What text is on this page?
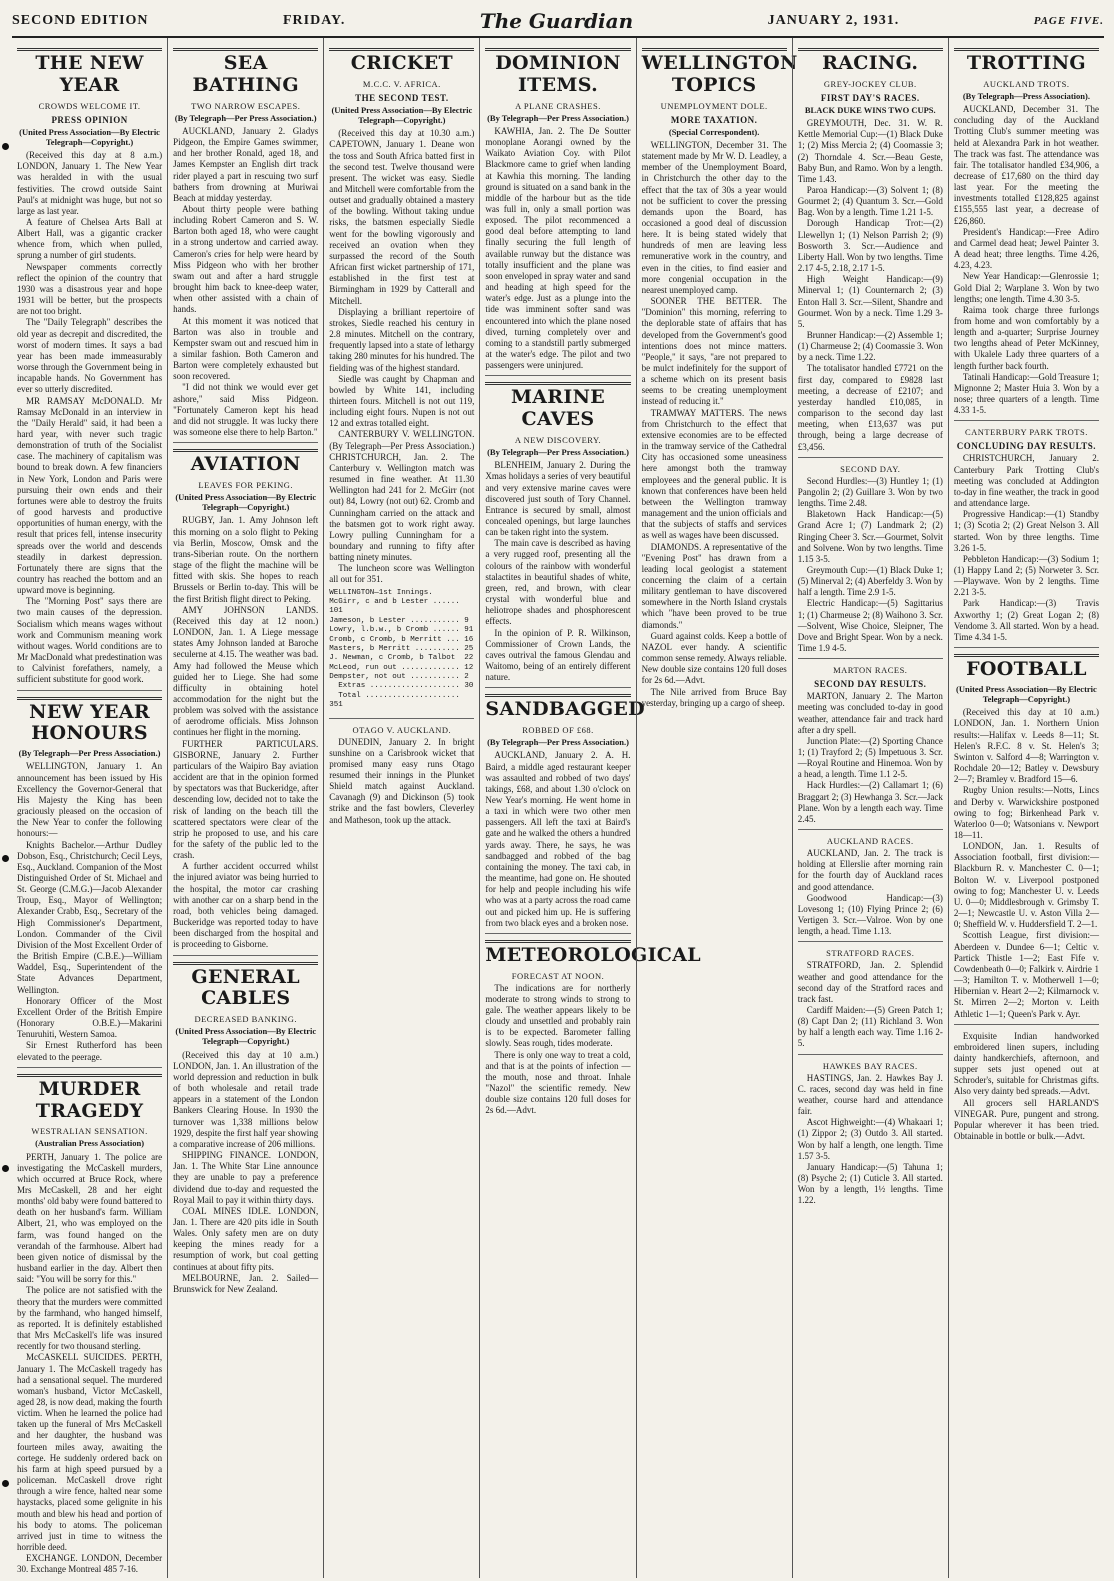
SECOND EDITION	FRIDAY.	The Guardian	JANUARY 2, 1931.	PAGE FIVE.
THE NEW YEAR
CROWDS WELCOME IT.
PRESS OPINION
(United Press Association—By Electric Telegraph—Copyright.)

(Received this day at 8 a.m.) LONDON, January 1. The New Year was heralded in with the usual festivities. The crowd outside Saint Paul's at midnight was huge, but not so large as last year.

A feature of Chelsea Arts Ball at Albert Hall, was a gigantic cracker whence from, which when pulled, sprung a number of girl students.

Newspaper comments correctly reflect the opinion of the country that 1930 was a disastrous year and hope 1931 will be better, but the prospects are not too bright.

The "Daily Telegraph" describes the old year as decrepit and discredited, the worst of modern times. It says a bad year has been made immeasurably worse through the Government being in incapable hands. No Government has ever so utterly discredited.

MR RAMSAY McDONALD. Mr Ramsay McDonald in an interview in the "Daily Herald" said, it had been a hard year, with never such tragic demonstration of truth of the Socialist case. The machinery of capitalism was bound to break down. A few financiers in New York, London and Paris were pursuing their own ends and their fortunes were able to destroy the fruits of good harvests and productive opportunities of human energy, with the result that prices fell, intense insecurity spreads over the world and descends steadily in darkest depression. Fortunately there are signs that the country has reached the bottom and an upward move is beginning.

The "Morning Post" says there are two main causes of the depression. Socialism which means wages without work and Communism meaning work without wages. World conditions are to Mr MacDonald what predestination was to Calvinist forefathers, namely, a sufficient substitute for good work.

NEW YEAR HONOURS
(By Telegraph—Per Press Association.)

WELLINGTON, January 1. An announcement has been issued by His Excellency the Governor-General that His Majesty the King has been graciously pleased on the occasion of the New Year to confer the following honours:—

Knights Bachelor.—Arthur Dudley Dobson, Esq., Christchurch; Cecil Leys, Esq., Auckland. Companion of the Most Distinguished Order of St. Michael and St. George (C.M.G.)—Jacob Alexander Troup, Esq., Mayor of Wellington; Alexander Crabb, Esq., Secretary of the High Commissioner's Department, London. Commander of the Civil Division of the Most Excellent Order of the British Empire (C.B.E.)—William Waddel, Esq., Superintendent of the State Advances Department, Wellington.

Honorary Officer of the Most Excellent Order of the British Empire (Honorary O.B.E.)—Makarini Tenuruhiti, Western Samoa.

Sir Ernest Rutherford has been elevated to the peerage.

MURDER TRAGEDY
WESTRALIAN SENSATION.
(Australian Press Association)

PERTH, January 1. The police are investigating the McCaskell murders, which occurred at Bruce Rock, where Mrs McCaskell, 28 and her eight months' old baby were found battered to death on her husband's farm. William Albert, 21, who was employed on the farm, was found hanged on the verandah of the farmhouse. Albert had been given notice of dismissal by the husband earlier in the day. Albert then said: "You will be sorry for this."

The police are not satisfied with the theory that the murders were committed by the farmhand, who hanged himself, as reported. It is definitely established that Mrs McCaskell's life was insured recently for two thousand sterling.

McCASKELL SUICIDES. PERTH, January 1. The McCaskell tragedy has had a sensational sequel. The murdered woman's husband, Victor McCaskell, aged 28, is now dead, making the fourth victim. When he learned the police had taken up the funeral of Mrs McCaskell and her daughter, the husband was fourteen miles away, awaiting the cortege. He suddenly ordered back on his farm at high speed pursued by a policeman. McCaskell drove right through a wire fence, halted near some haystacks, placed some gelignite in his mouth and blew his head and portion of his body to atoms. The policeman arrived just in time to witness the horrible deed.

EXCHANGE. LONDON, December 30. Exchange Montreal 485 7-16.

SEA BATHING
TWO NARROW ESCAPES.
(By Telegraph—Per Press Association.)

AUCKLAND, January 2. Gladys Pidgeon, the Empire Games swimmer, and her brother Ronald, aged 18, and James Kempster an English dirt track rider played a part in rescuing two surf bathers from drowning at Muriwai Beach at midday yesterday.

About thirty people were bathing including Robert Cameron and S. W. Barton both aged 18, who were caught in a strong undertow and carried away. Cameron's cries for help were heard by Miss Pidgeon who with her brother swam out and after a hard struggle brought him back to knee-deep water, when other assisted with a chain of hands.

At this moment it was noticed that Barton was also in trouble and Kempster swam out and rescued him in a similar fashion. Both Cameron and Barton were completely exhausted but soon recovered.

"I did not think we would ever get ashore," said Miss Pidgeon. "Fortunately Cameron kept his head and did not struggle. It was lucky there was someone else there to help Barton."

AVIATION
LEAVES FOR PEKING.
(United Press Association—By Electric Telegraph—Copyright.)

RUGBY, Jan. 1. Amy Johnson left this morning on a solo flight to Peking via Berlin, Moscow, Omsk and the trans-Siberian route. On the northern stage of the flight the machine will be fitted with skis. She hopes to reach Brussels or Berlin to-day. This will be the first British flight direct to Peking.

AMY JOHNSON LANDS. (Received this day at 12 noon.) LONDON, Jan. 1. A Liege message states Amy Johnson landed at Baroche seculerne at 4.15. The weather was bad. Amy had followed the Meuse which guided her to Liege. She had some difficulty in obtaining hotel accommodation for the night but the problem was solved with the assistance of aerodrome officials. Miss Johnson continues her flight in the morning.

FURTHER PARTICULARS. GISBORNE, January 2. Further particulars of the Waipiro Bay aviation accident are that in the opinion formed by spectators was that Buckeridge, after descending low, decided not to take the risk of landing on the beach till the scattered spectators were clear of the strip he proposed to use, and his care for the safety of the public led to the crash.

A further accident occurred whilst the injured aviator was being hurried to the hospital, the motor car crashing with another car on a sharp bend in the road, both vehicles being damaged. Buckeridge was reported today to have been discharged from the hospital and is proceeding to Gisborne.

GENERAL CABLES
DECREASED BANKING.
(United Press Association—By Electric Telegraph—Copyright.)

(Received this day at 10 a.m.) LONDON, Jan. 1. An illustration of the world depression and reduction in bulk of both wholesale and retail trade appears in a statement of the London Bankers Clearing House. In 1930 the turnover was 1,338 millions below 1929, despite the first half year showing a comparative increase of 206 millions.

SHIPPING FINANCE. LONDON, Jan. 1. The White Star Line announce they are unable to pay a preference dividend due to-day and requested the Royal Mail to pay it within thirty days.

COAL MINES IDLE. LONDON, Jan. 1. There are 420 pits idle in South Wales. Only safety men are on duty keeping the mines ready for a resumption of work, but coal getting continues at about fifty pits.

MELBOURNE, Jan. 2. Sailed—Brunswick for New Zealand.

CRICKET
M.C.C. V. AFRICA.
THE SECOND TEST.
(United Press Association—By Electric Telegraph—Copyright.)

(Received this day at 10.30 a.m.) CAPETOWN, January 1. Deane won the toss and South Africa batted first in the second test. Twelve thousand were present. The wicket was easy. Siedle and Mitchell were comfortable from the outset and gradually obtained a mastery of the bowling. Without taking undue risks, the batsmen especially Siedle went for the bowling vigorously and received an ovation when they surpassed the record of the South African first wicket partnership of 171, established in the first test at Birmingham in 1929 by Catterall and Mitchell.

Displaying a brilliant repertoire of strokes, Siedle reached his century in 2.8 minutes. Mitchell on the contrary, frequently lapsed into a state of lethargy taking 280 minutes for his hundred. The fielding was of the highest standard.

Siedle was caught by Chapman and bowled by White 141, including thirteen fours. Mitchell is not out 119, including eight fours. Nupen is not out 12 and extras totalled eight.

CANTERBURY V. WELLINGTON. (By Telegraph—Per Press Association.) CHRISTCHURCH, Jan. 2. The Canterbury v. Wellington match was resumed in fine weather. At 11.30 Wellington had 241 for 2. McGirr (not out) 84, Lowry (not out) 62. Cromb and Cunningham carried on the attack and the batsmen got to work right away. Lowry pulling Cunningham for a boundary and running to fifty after batting ninety minutes.

The luncheon score was Wellington all out for 351.

WELLINGTON—1st Innings.
McGirr, c and b Lester ...... 101
Jameson, b Lester ........... 9
Lowry, l.b.w., b Cromb ...... 91
Cromb, c Cromb, b Merritt ... 16
Masters, b Merritt .......... 25
J. Newman, c Cromb, b Talbot  22
McLeod, run out ............. 12
Dempster, not out ........... 2
Extras .................... 30
Total ..................... 351
OTAGO V. AUCKLAND.

DUNEDIN, January 2. In bright sunshine on a Carisbrook wicket that promised many easy runs Otago resumed their innings in the Plunket Shield match against Auckland. Cavanagh (9) and Dickinson (5) took strike and the fast bowlers, Cleverley and Matheson, took up the attack.

DOMINION ITEMS.
A PLANE CRASHES.
(By Telegraph—Per Press Association.)

KAWHIA, Jan. 2. The De Soutter monoplane Aorangi owned by the Waikato Aviation Coy. with Pilot Blackmore came to grief when landing at Kawhia this morning. The landing ground is situated on a sand bank in the middle of the harbour but as the tide was full in, only a small portion was exposed. The pilot recommenced a good deal before attempting to land finally securing the full length of available runway but the distance was totally insufficient and the plane was soon enveloped in spray water and sand and heading at high speed for the water's edge. Just as a plunge into the tide was imminent softer sand was encountered into which the plane nosed dived, turning completely over and coming to a standstill partly submerged at the water's edge. The pilot and two passengers were uninjured.

MARINE CAVES
A NEW DISCOVERY.
(By Telegraph—Per Press Association.)

BLENHEIM, January 2. During the Xmas holidays a series of very beautiful and very extensive marine caves were discovered just south of Tory Channel. Entrance is secured by small, almost concealed openings, but large launches can be taken right into the system.

The main cave is described as having a very rugged roof, presenting all the colours of the rainbow with wonderful stalactites in beautiful shades of white, green, red, and brown, with clear crystal with wonderful blue and heliotrope shades and phosphorescent effects.

In the opinion of P. R. Wilkinson, Commissioner of Crown Lands, the caves outrival the famous Glendau and Waitomo, being of an entirely different nature.

SANDBAGGED
ROBBED OF £68.
(By Telegraph—Per Press Association.)

AUCKLAND, January 2. A. H. Baird, a middle aged restaurant keeper was assaulted and robbed of two days' takings, £68, and about 1.30 o'clock on New Year's morning. He went home in a taxi in which were two other men passengers. All left the taxi at Baird's gate and he walked the others a hundred yards away. There, he says, he was sandbagged and robbed of the bag containing the money. The taxi cab, in the meantime, had gone on. He shouted for help and people including his wife who was at a party across the road came out and picked him up. He is suffering from two black eyes and a broken nose.

METEOROLOGICAL
FORECAST AT NOON.

The indications are for northerly moderate to strong winds to strong to gale. The weather appears likely to be cloudy and unsettled and probably rain is to be expected. Barometer falling slowly. Seas rough, tides moderate.

There is only one way to treat a cold, and that is at the points of infection — the mouth, nose and throat. Inhale "Nazol" the scientific remedy. New double size contains 120 full doses for 2s 6d.—Advt.

WELLINGTON TOPICS
UNEMPLOYMENT DOLE.
MORE TAXATION.
(Special Correspondent).

WELLINGTON, December 31. The statement made by Mr W. D. Leadley, a member of the Unemployment Board, in Christchurch the other day to the effect that the tax of 30s a year would not be sufficient to cover the pressing demands upon the Board, has occasioned a good deal of discussion here. It is being stated widely that hundreds of men are leaving less remunerative work in the country, and even in the cities, to find easier and more congenial occupation in the nearest unemployed camp.

SOONER THE BETTER. The "Dominion" this morning, referring to the deplorable state of affairs that has developed from the Government's good intentions does not mince matters. "People," it says, "are not prepared to be mulct indefinitely for the support of a scheme which on its present basis seems to be creating unemployment instead of reducing it."

TRAMWAY MATTERS. The news from Christchurch to the effect that extensive economies are to be effected in the tramway service of the Cathedral City has occasioned some uneasiness here amongst both the tramway employees and the general public. It is known that conferences have been held between the Wellington tramway management and the union officials and that the subjects of staffs and services as well as wages have been discussed.

DIAMONDS. A representative of the "Evening Post" has drawn from a leading local geologist a statement concerning the claim of a certain military gentleman to have discovered somewhere in the North Island crystals which "have been proved to be true diamonds."

Guard against colds. Keep a bottle of NAZOL ever handy. A scientific common sense remedy. Always reliable. New double size contains 120 full doses for 2s 6d.—Advt.

The Nile arrived from Bruce Bay yesterday, bringing up a cargo of sheep.

RACING.
GREY-JOCKEY CLUB.
FIRST DAY'S RACES.
BLACK DUKE WINS TWO CUPS.

GREYMOUTH, Dec. 31. W. R. Kettle Memorial Cup:—(1) Black Duke 1; (2) Miss Mercia 2; (4) Coomassie 3; (2) Thorndale 4. Scr.—Beau Geste, Baby Bun, and Ramo. Won by a length. Time 1.43.

Paroa Handicap:—(3) Solvent 1; (8) Gourmet 2; (4) Quantum 3. Scr.—Gold Bag. Won by a length. Time 1.21 1-5.

Dorough Handicap Trot:—(2) Llewellyn 1; (1) Nelson Parrish 2; (9) Bosworth 3. Scr.—Audience and Liberty Hall. Won by two lengths. Time 2.17 4-5, 2.18, 2.17 1-5.

High Weight Handicap:—(9) Minerval 1; (1) Counternarch 2; (3) Enton Hall 3. Scr.—Silent, Shandre and Gourmet. Won by a neck. Time 1.29 3-5.

Brunner Handicap:—(2) Assemble 1; (1) Charmeuse 2; (4) Coomassie 3. Won by a neck. Time 1.22.

The totalisator handled £7721 on the first day, compared to £9828 last meeting, a decrease of £2107; and yesterday handled £10,085, in comparison to the second day last meeting, when £13,637 was put through, being a large decrease of £3,456.

SECOND DAY.

Second Hurdles:—(3) Huntley 1; (1) Pangolin 2; (2) Guillare 3. Won by two lengths. Time 2.48.

Blaketown Hack Handicap:—(5) Grand Acre 1; (7) Landmark 2; (2) Ringing Cheer 3. Scr.—Gourmet, Solvit and Solvene. Won by two lengths. Time 1.15 3-5.

Greymouth Cup:—(1) Black Duke 1; (5) Minerval 2; (4) Aberfeldy 3. Won by half a length. Time 2.9 1-5.

Electric Handicap:—(5) Sagittarius 1; (1) Charmeuse 2; (8) Waihono 3. Scr.—Solvent, Wise Choice, Sleipner, The Dove and Bright Spear. Won by a neck. Time 1.9 4-5.

MARTON RACES.
SECOND DAY RESULTS.

MARTON, January 2. The Marton meeting was concluded to-day in good weather, attendance fair and track hard after a dry spell.

Junction Plate:—(2) Sporting Chance 1; (1) Trayford 2; (5) Impetuous 3. Scr.—Royal Routine and Hinemoa. Won by a head, a length. Time 1.1 2-5.

Hack Hurdles:—(2) Callamart 1; (6) Braggart 2; (3) Hewhanga 3. Scr.—Jack Plane. Won by a length each way. Time 2.45.

AUCKLAND RACES.

AUCKLAND, Jan. 2. The track is holding at Ellerslie after morning rain for the fourth day of Auckland races and good attendance.

Goodwood Handicap:—(3) Lovesong 1; (10) Flying Prince 2; (6) Vertigen 3. Scr.—Valroe. Won by one length, a head. Time 1.13.

STRATFORD RACES.

STRATFORD, Jan. 2. Splendid weather and good attendance for the second day of the Stratford races and track fast.

Cardiff Maiden:—(5) Green Patch 1; (8) Capt Dan 2; (11) Richland 3. Won by half a length each way. Time 1.16 2-5.

HAWKES BAY RACES.

HASTINGS, Jan. 2. Hawkes Bay J. C. races, second day was held in fine weather, course hard and attendance fair.

Ascot Highweight:—(4) Whakaari 1; (1) Zippor 2; (3) Outdo 3. All started. Won by half a length, one length. Time 1.57 3-5.

January Handicap:—(5) Tahuna 1; (8) Psyche 2; (1) Cuticle 3. All started. Won by a length, 1½ lengths. Time 1.22.

TROTTING
AUCKLAND TROTS.
(By Telegraph—Press Association).

AUCKLAND, December 31. The concluding day of the Auckland Trotting Club's summer meeting was held at Alexandra Park in hot weather. The track was fast. The attendance was fair. The totalisator handled £34,906, a decrease of £17,680 on the third day last year. For the meeting the investments totalled £128,825 against £155,555 last year, a decrease of £26,860.

President's Handicap:—Free Adiro and Carmel dead heat; Jewel Painter 3. A dead heat; three lengths. Time 4.26, 4.23, 4.23.

New Year Handicap:—Glenrossie 1; Gold Dial 2; Warplane 3. Won by two lengths; one length. Time 4.30 3-5.

Raima took charge three furlongs from home and won comfortably by a length and a-quarter; Surprise Journey two lengths ahead of Peter McKinney, with Ukalele Lady three quarters of a length further back fourth.

Tatinali Handicap:—Gold Treasure 1; Mignonne 2; Master Huia 3. Won by a nose; three quarters of a length. Time 4.33 1-5.

CANTERBURY PARK TROTS.
CONCLUDING DAY RESULTS.

CHRISTCHURCH, January 2. Canterbury Park Trotting Club's meeting was concluded at Addington to-day in fine weather, the track in good and attendance large.

Progressive Handicap:—(1) Standby 1; (3) Scotia 2; (2) Great Nelson 3. All started. Won by three lengths. Time 3.26 1-5.

Pebbleton Handicap:—(3) Sodium 1; (1) Happy Land 2; (5) Norweter 3. Scr.—Playwave. Won by 2 lengths. Time 2.21 3-5.

Park Handicap:—(3) Travis Axworthy 1; (2) Great Logan 2; (8) Vendome 3. All started. Won by a head. Time 4.34 1-5.

FOOTBALL
(United Press Association—By Electric Telegraph—Copyright.)

(Received this day at 10 a.m.) LONDON, Jan. 1. Northern Union results:—Halifax v. Leeds 8—11; St. Helen's R.F.C. 8 v. St. Helen's 3; Swinton v. Salford 4—8; Warrington v. Rochdale 20—12; Batley v. Dewsbury 2—7; Bramley v. Bradford 15—6.

Rugby Union results:—Notts, Lincs and Derby v. Warwickshire postponed owing to fog; Birkenhead Park v. Waterloo 0—0; Watsonians v. Newport 18—11.

LONDON, Jan. 1. Results of Association football, first division:—Blackburn R. v. Manchester C. 0—1; Bolton W. v. Liverpool postponed owing to fog; Manchester U. v. Leeds U. 0—0; Middlesbrough v. Grimsby T. 2—1; Newcastle U. v. Aston Villa 2—0; Sheffield W. v. Huddersfield T. 2—1.

Scottish League, first division:—Aberdeen v. Dundee 6—1; Celtic v. Partick Thistle 1—2; East Fife v. Cowdenbeath 0—0; Falkirk v. Airdrie 1—3; Hamilton T. v. Motherwell 1—0; Hibernian v. Heart 2—2; Kilmarnock v. St. Mirren 2—2; Morton v. Leith Athletic 1—1; Queen's Park v. Ayr.

Exquisite Indian handworked embroidered linen supers, including dainty handkerchiefs, afternoon, and supper sets just opened out at Schroder's, suitable for Christmas gifts. Also very dainty bed spreads.—Advt.

All grocers sell HARLAND'S VINEGAR. Pure, pungent and strong. Popular wherever it has been tried. Obtainable in bottle or bulk.—Advt.
